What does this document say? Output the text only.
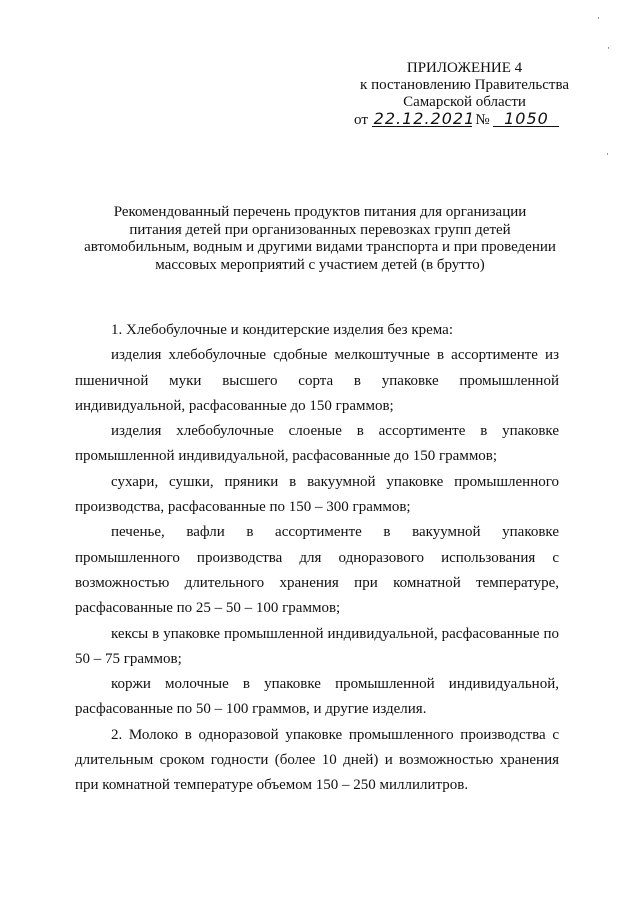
ПРИЛОЖЕНИЕ 4
к постановлению Правительства
Самарской области
от 22.12.2021 № 1050
Рекомендованный перечень продуктов питания для организации
питания детей при организованных перевозках групп детей
автомобильным, водным и другими видами транспорта и при проведении
массовых мероприятий с участием детей (в брутто)

1. Хлебобулочные и кондитерские изделия без крема:

изделия хлебобулочные сдобные мелкоштучные в ассортименте из пшеничной муки высшего сорта в упаковке промышленной индивидуальной, расфасованные до 150 граммов;

изделия хлебобулочные слоеные в ассортименте в упаковке промышленной индивидуальной, расфасованные до 150 граммов;

сухари, сушки, пряники в вакуумной упаковке промышленного производства, расфасованные по 150 – 300 граммов;

печенье, вафли в ассортименте в вакуумной упаковке промышленного производства для одноразового использования с возможностью длительного хранения при комнатной температуре, расфасованные по 25 – 50 – 100 граммов;

кексы в упаковке промышленной индивидуальной, расфасованные по 50 – 75 граммов;

коржи молочные в упаковке промышленной индивидуальной, расфасованные по 50 – 100 граммов, и другие изделия.

2. Молоко в одноразовой упаковке промышленного производства с длительным сроком годности (более 10 дней) и возможностью хранения при комнатной температуре объемом 150 – 250 миллилитров.

·
·
·
